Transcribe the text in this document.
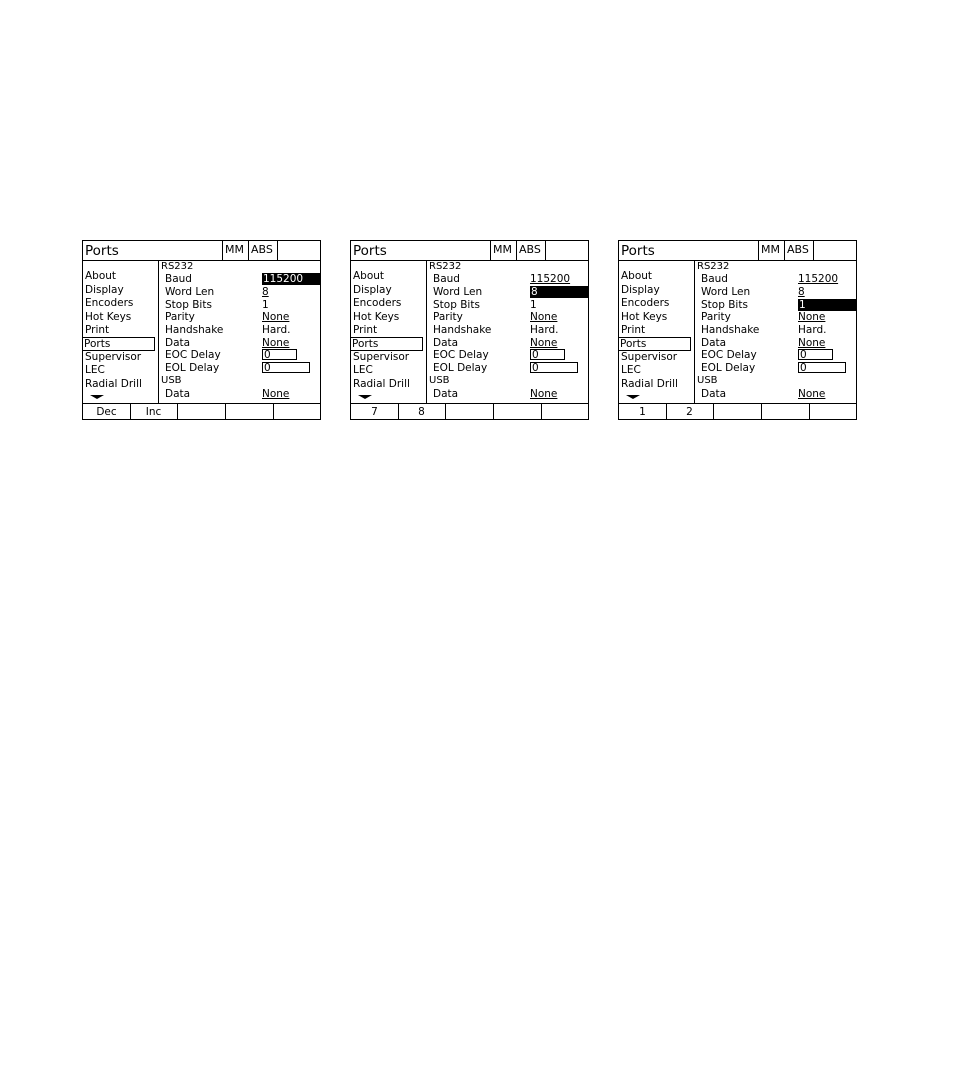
Ports	MM ABS
About
Display
Encoders
Hot Keys
Print
Ports
Supervisor
LEC
Radial Drill
RS232
USB
Baud	115200
Word Len	8
Stop Bits	1
Parity	None
Handshake	Hard.
Data	None
EOC Delay	0
EOL Delay	0
Data	None
Dec	Inc
Ports	MM ABS
About
Display
Encoders
Hot Keys
Print
Ports
Supervisor
LEC
Radial Drill
RS232
USB
Baud	115200
Word Len	8
Stop Bits	1
Parity	None
Handshake	Hard.
Data	None
EOC Delay	0
EOL Delay	0
Data	None
7	8
Ports	MM ABS
About
Display
Encoders
Hot Keys
Print
Ports
Supervisor
LEC
Radial Drill
RS232
USB
Baud	115200
Word Len	8
Stop Bits	1
Parity	None
Handshake	Hard.
Data	None
EOC Delay	0
EOL Delay	0
Data	None
1	2
